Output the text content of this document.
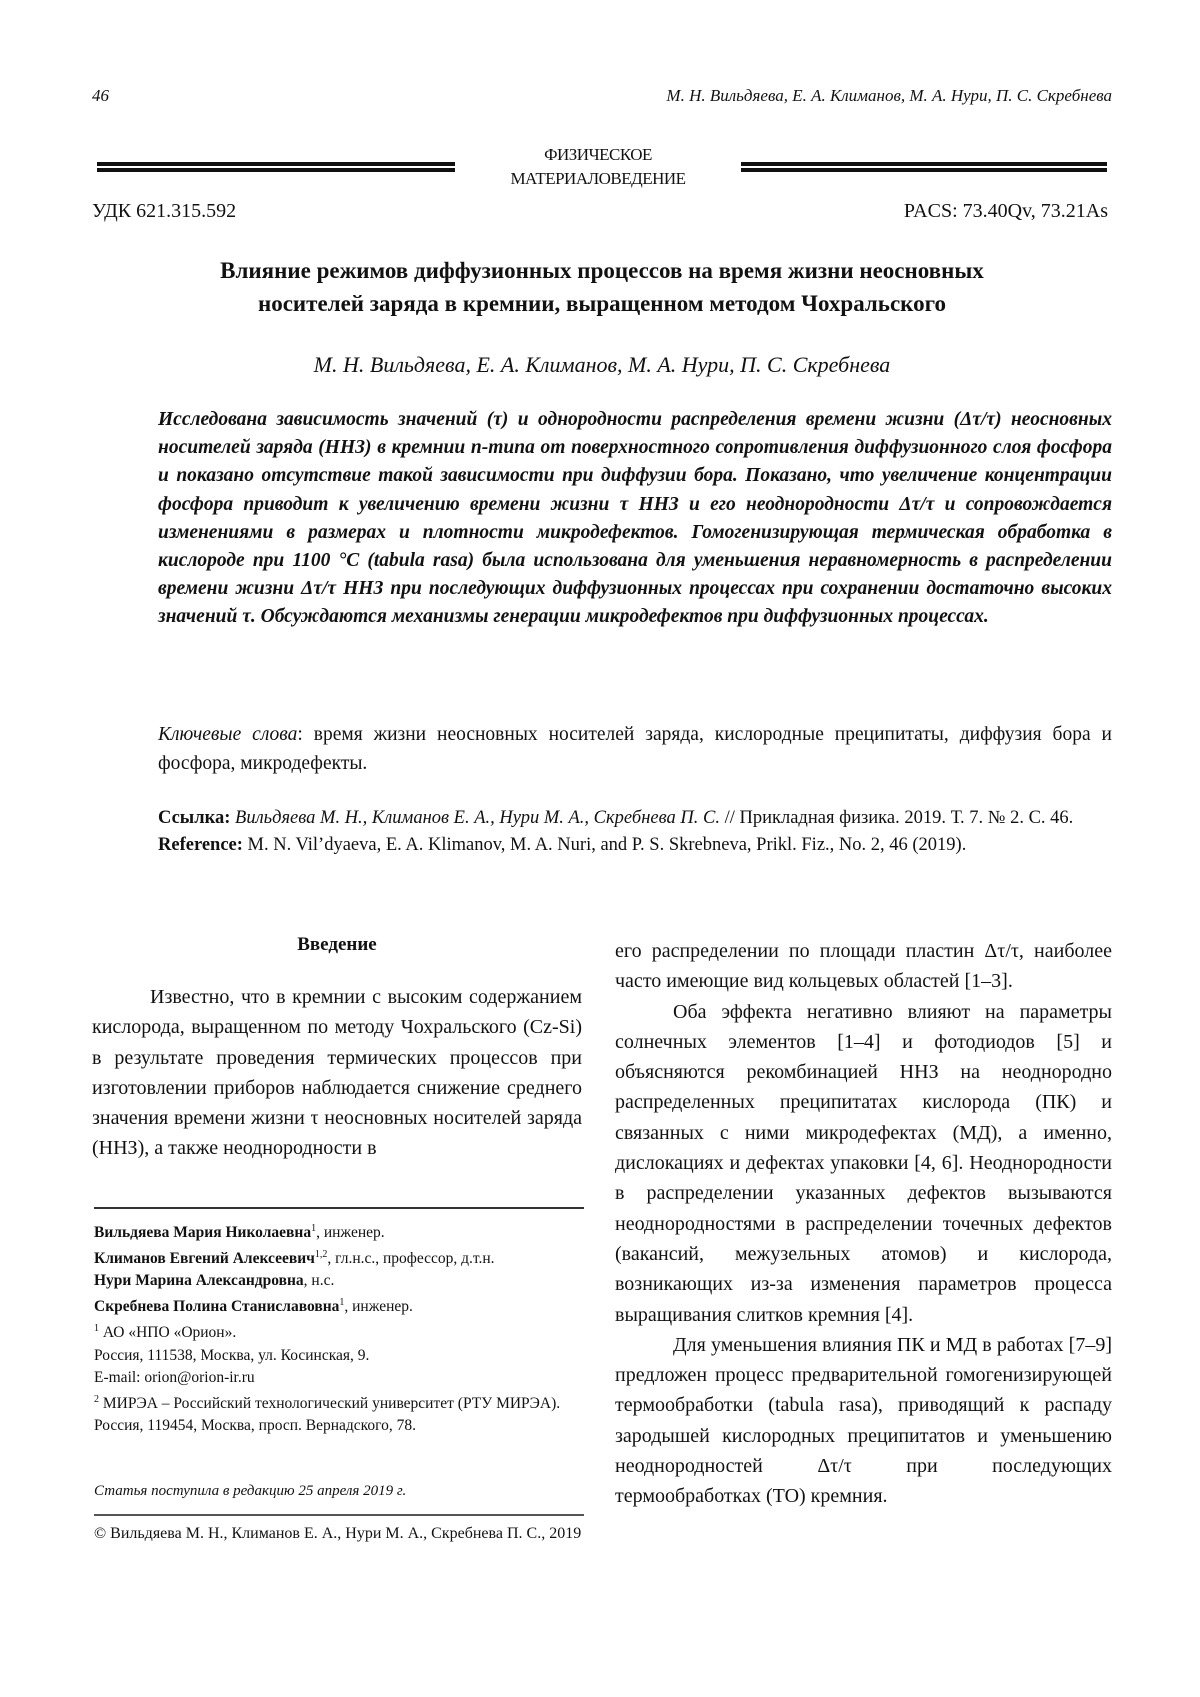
46	М. Н. Вильдяева, Е. А. Климанов, М. А. Нури, П. С. Скребнева
ФИЗИЧЕСКОЕ
МАТЕРИАЛОВЕДЕНИЕ
УДК 621.315.592	PACS: 73.40Qv, 73.21As
Влияние режимов диффузионных процессов на время жизни неосновных
носителей заряда в кремнии, выращенном методом Чохральского
М. Н. Вильдяева, Е. А. Климанов, М. А. Нури, П. С. Скребнева
Исследована зависимость значений (τ) и однородности распределения времени жизни (Δτ/τ) неосновных носителей заряда (ННЗ) в кремнии n-типа от поверхностного сопротивления диффузионного слоя фосфора и показано отсутствие такой зависимости при диффузии бора. Показано, что увеличение концентрации фосфора приводит к увеличению времени жизни τ ННЗ и его неоднородности Δτ/τ и сопровождается изменениями в размерах и плотности микродефектов. Гомогенизирующая термическая обработка в кислороде при 1100 °С (tabula rasa) была использована для уменьшения неравномерность в распределении времени жизни Δτ/τ ННЗ при последующих диффузионных процессах при сохранении достаточно высоких значений τ. Обсуждаются механизмы генерации микродефектов при диффузионных процессах.
Ключевые слова: время жизни неосновных носителей заряда, кислородные преципитаты, диффузия бора и фосфора, микродефекты.
Ссылка: Вильдяева М. Н., Климанов Е. А., Нури М. А., Скребнева П. С. // Прикладная физика. 2019. Т. 7. № 2. С. 46.
Reference: M. N. Vil’dyaeva, E. A. Klimanov, M. A. Nuri, and P. S. Skrebneva, Prikl. Fiz., No. 2, 46 (2019).
Введение

Известно, что в кремнии с высоким содержанием кислорода, выращенном по методу Чохральского (Cz-Si) в результате проведения термических процессов при изготовлении приборов наблюдается снижение среднего значения времени жизни τ неосновных носителей заряда (ННЗ), а также неоднородности в

его распределении по площади пластин Δτ/τ, наиболее часто имеющие вид кольцевых областей [1–3].

Оба эффекта негативно влияют на параметры солнечных элементов [1–4] и фотодиодов [5] и объясняются рекомбинацией ННЗ на неоднородно распределенных преципитатах кислорода (ПК) и связанных с ними микродефектах (МД), а именно, дислокациях и дефектах упаковки [4, 6]. Неоднородности в распределении указанных дефектов вызываются неоднородностями в распределении точечных дефектов (вакансий, межузельных атомов) и кислорода, возникающих из-за изменения параметров процесса выращивания слитков кремния [4].

Для уменьшения влияния ПК и МД в работах [7–9] предложен процесс предварительной гомогенизирующей термообработки (tabula rasa), приводящий к распаду зародышей кислородных преципитатов и уменьшению неоднородностей Δτ/τ при последующих термообработках (ТО) кремния.

Вильдяева Мария Николаевна$^1$, инженер.

Климанов Евгений Алексеевич$^{1,2}$, гл.н.с., профессор, д.т.н.

Нури Марина Александровна, н.с.

Скребнева Полина Станиславовна$^1$, инженер.

$^1$ АО «НПО «Орион».

Россия, 111538, Москва, ул. Косинская, 9.

E-mail: orion@orion-ir.ru

$^2$ МИРЭА – Российский технологический университет (РТУ МИРЭА).

Россия, 119454, Москва, просп. Вернадского, 78.

Статья поступила в редакцию 25 апреля 2019 г.
© Вильдяева М. Н., Климанов Е. А., Нури М. А., Скребнева П. С., 2019
